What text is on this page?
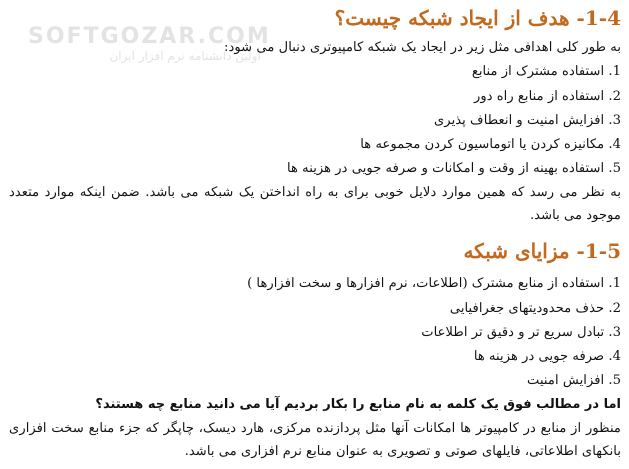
SOFTGOZAR.COM
اولین دانشنامه نرم افزار ایران
1-4- هدف از ایجاد شبکه چیست؟
به طور کلی اهدافی مثل زیر در ایجاد یک شبکه کامپیوتری دنبال می شود:
1. استفاده مشترک از منابع
2. استفاده از منابع راه دور
3. افزایش امنیت و انعطاف پذیری
4. مکانیزه کردن یا اتوماسیون کردن مجموعه ها
5. استفاده بهینه از وقت و امکانات و صرفه جویی در هزینه ها
به نظر می رسد که همین موارد دلایل خوبی برای به راه انداختن یک شبکه می باشد. ضمن اینکه موارد متعدد
موجود می باشد.
1-5- مزایای شبکه
1. استفاده از منابع مشترک (اطلاعات، نرم افزارها و سخت افزارها )
2. حذف محدودیتهای جغرافیایی
3. تبادل سریع تر و دقیق تر اطلاعات
4. صرفه جویی در هزینه ها
5. افزایش امنیت
اما در مطالب فوق یک کلمه به نام منابع را بکار بردیم آیا می دانید منابع چه هستند؟
منظور از منابع در کامپیوتر ها امکانات آنها مثل پردازنده مرکزی، هارد دیسک، چاپگر که جزء منابع سخت افزاری
بانکهای اطلاعاتی، فایلهای صوتی و تصویری به عنوان منابع نرم افزاری می باشد.
